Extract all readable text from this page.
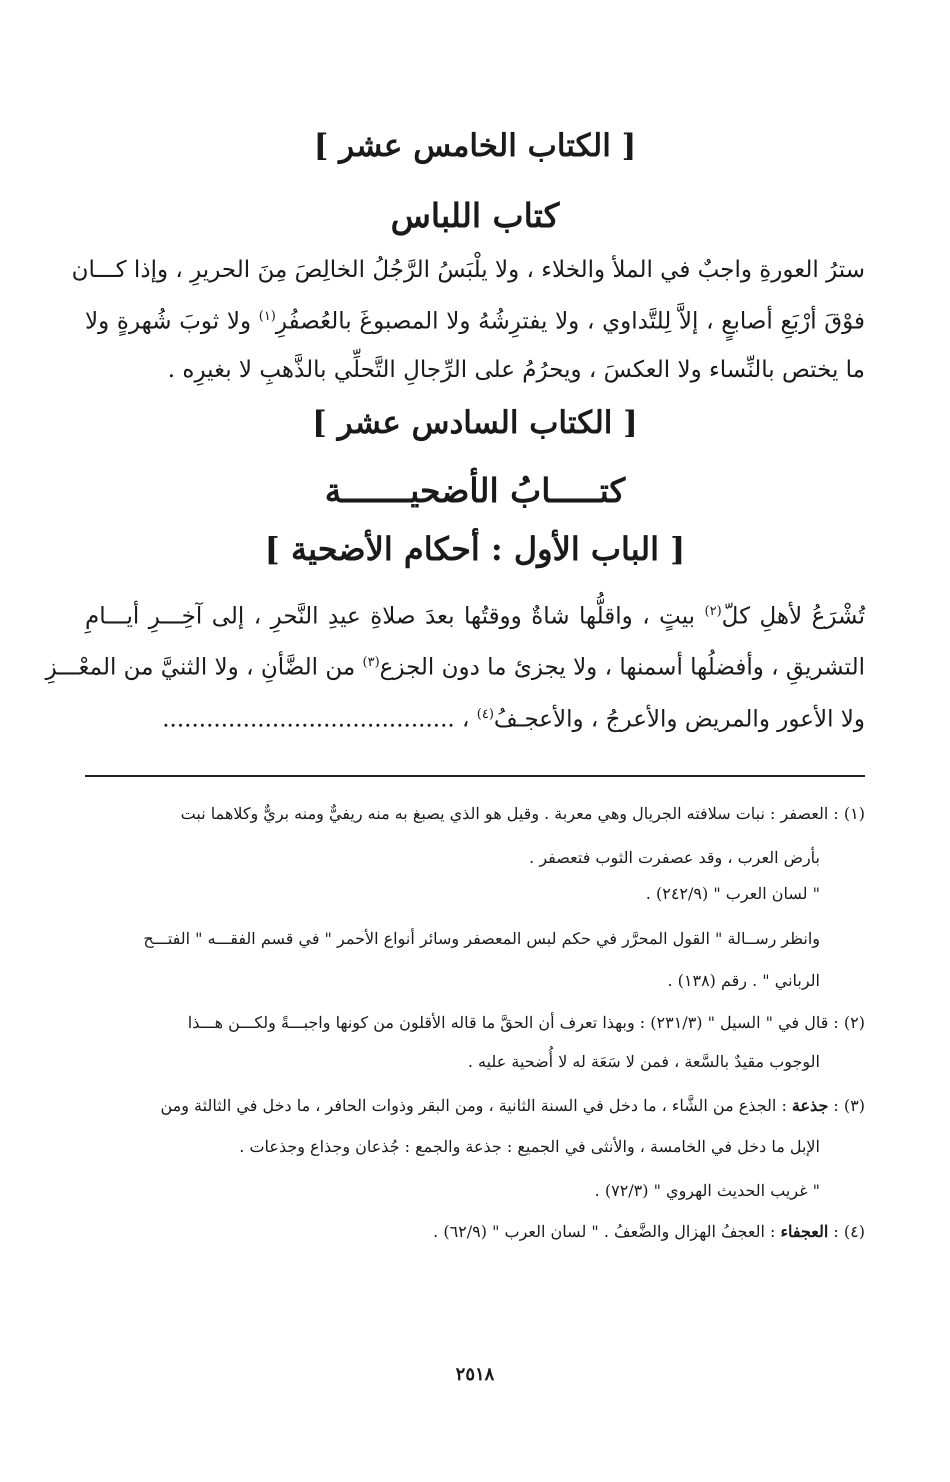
[ الكتاب الخامس عشر ]
كتاب اللباس
سترُ العورةِ واجبٌ في الملأ والخلاء ، ولا يلْبَسُ الرَّجُلُ الخالِصَ مِنَ الحريرِ ، وإذا كـــان
فوْقَ أرْبَعِ أصابعٍ ، إلاَّ لِلتَّداوي ، ولا يفترِشُهُ ولا المصبوغَ بالعُصفُرِ$^{(١)}$ ولا ثوبَ شُهرةٍ ولا
ما يختص بالنِّساء ولا العكسَ ، ويحرُمُ على الرِّجالِ التَّحلِّي بالذَّهبِ لا بغيرِه .
[ الكتاب السادس عشر ]
كتـــــابُ الأضحيـــــــة
[ الباب الأول : أحكام الأضحية ]
تُشْرَعُ لأهلِ كلّ$^{(٢)}$ بيتٍ ، واقلُّها شاةٌ ووقتُها بعدَ صلاةِ عيدِ النَّحرِ ، إلى آخِـــرِ أيـــامِ
التشريقِ ، وأفضلُها أسمنها ، ولا يجزئ ما دون الجزع$^{(٣)}$ من الضَّأنِ ، ولا الثنيَّ من المعْـــزِ
ولا الأعور والمريض والأعرجُ ، والأعجـفُ$^{(٤)}$ ، ........................................
(١) : العصفر : نبات سلافته الجريال وهي معربة . وقيل هو الذي يصبغ به منه ريفيٌّ ومنه بريٌّ وكلاهما نبت
بأرض العرب ، وقد عصفرت الثوب فتعصفر .
" لسان العرب " (٢٤٢/٩) .
وانظر رســالة " القول المحرَّر في حكم لبس المعصفر وسائر أنواع الأحمر " في قسم الفقـــه " الفتـــح
الرباني " . رقم (١٣٨) .
(٢) : قال في " السيل " (٢٣١/٣) : وبهذا تعرف أن الحقَّ ما قاله الأقلون من كونها واجبـــةً ولكـــن هـــذا
الوجوب مقيدٌ بالسَّعة ، فمن لا سَعَة له لا أُضحية عليه .
(٣) : جذعة : الجذع من الشَّاء ، ما دخل في السنة الثانية ، ومن البقر وذوات الحافر ، ما دخل في الثالثة ومن
الإبل ما دخل في الخامسة ، والأنثى في الجميع : جذعة والجمع : جُذعان وجذاع وجذعات .
" غريب الحديث الهروي " (٧٢/٣) .
(٤) : العجفاء : العجفُ الهزال والضَّعفُ . " لسان العرب " (٦٢/٩) .
٢٥١٨
